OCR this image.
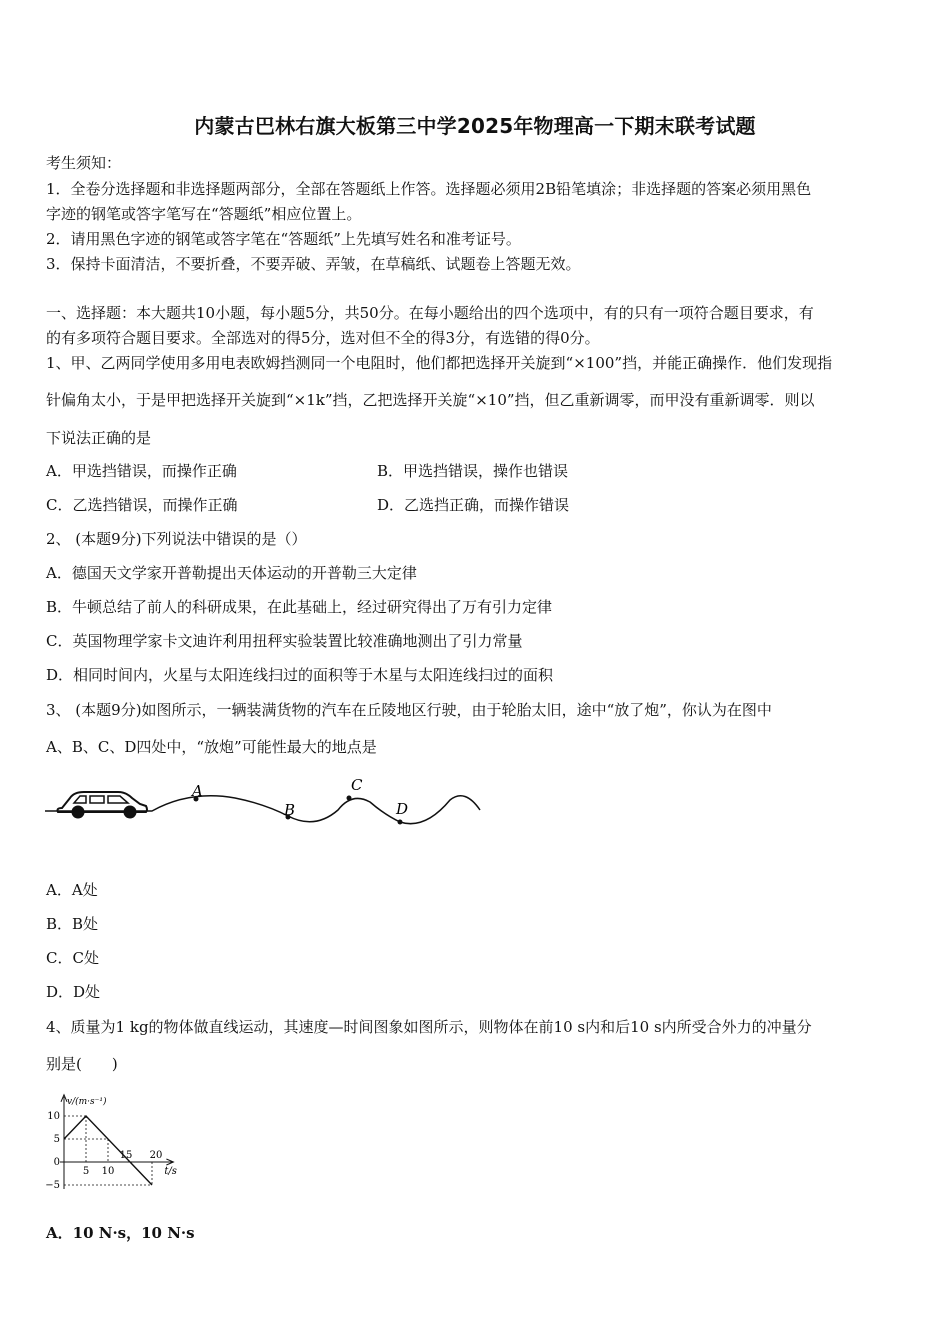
内蒙古巴林右旗大板第三中学2025年物理高一下期末联考试题
考生须知：
1．全卷分选择题和非选择题两部分，全部在答题纸上作答。选择题必须用2B铅笔填涂；非选择题的答案必须用黑色
字迹的钢笔或答字笔写在“答题纸”相应位置上。
2．请用黑色字迹的钢笔或答字笔在“答题纸”上先填写姓名和准考证号。
3．保持卡面清洁，不要折叠，不要弄破、弄皱，在草稿纸、试题卷上答题无效。
一、选择题：本大题共10小题，每小题5分，共50分。在每小题给出的四个选项中，有的只有一项符合题目要求，有
的有多项符合题目要求。全部选对的得5分，选对但不全的得3分，有选错的得0分。
1、甲、乙两同学使用多用电表欧姆挡测同一个电阻时，他们都把选择开关旋到“×100”挡，并能正确操作．他们发现指
针偏角太小，于是甲把选择开关旋到“×1k”挡，乙把选择开关旋“×10”挡，但乙重新调零，而甲没有重新调零．则以
下说法正确的是
A．甲选挡错误，而操作正确	B．甲选挡错误，操作也错误
C．乙选挡错误，而操作正确	D．乙选挡正确，而操作错误
2、 (本题9分)下列说法中错误的是（）
A．德国天文学家开普勒提出天体运动的开普勒三大定律
B．牛顿总结了前人的科研成果，在此基础上，经过研究得出了万有引力定律
C．英国物理学家卡文迪许利用扭秤实验装置比较准确地测出了引力常量
D．相同时间内，火星与太阳连线扫过的面积等于木星与太阳连线扫过的面积
3、 (本题9分)如图所示，一辆装满货物的汽车在丘陵地区行驶，由于轮胎太旧，途中“放了炮”，你认为在图中
A、B、C、D四处中，“放炮”可能性最大的地点是
A
B
C
D
A．A处
B．B处
C．C处
D．D处
4、质量为1 kg的物体做直线运动，其速度—时间图象如图所示，则物体在前10 s内和后10 s内所受合外力的冲量分
别是(　　)
v/(m·s⁻¹)
t/s
10
5
0
−5
5 10
15 20
A．10 N·s，10 N·s
